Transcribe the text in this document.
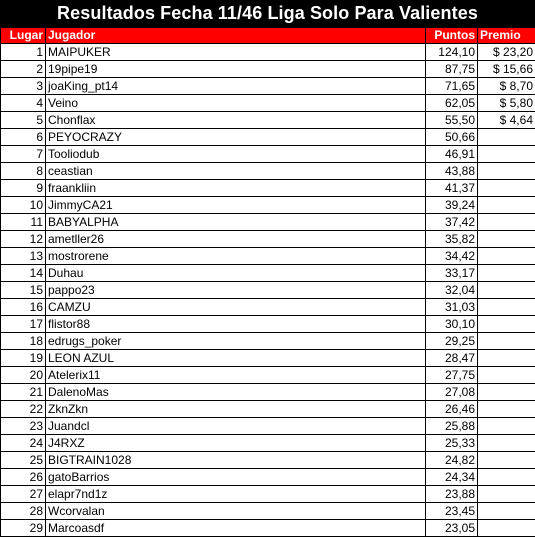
Resultados Fecha 11/46 Liga Solo Para Valientes
Lugar	Jugador	Puntos	Premio
1	MAIPUKER	124,10	$ 23,20
2	19pipe19	87,75	$ 15,66
3	joaKing_pt14	71,65	$ 8,70
4	Veino	62,05	$ 5,80
5	Chonflax	55,50	$ 4,64
6	PEYOCRAZY	50,66	
7	Tooliodub	46,91	
8	ceastian	43,88	
9	fraankliin	41,37	
10	JimmyCA21	39,24	
11	BABYALPHA	37,42	
12	ametller26	35,82	
13	mostrorene	34,42	
14	Duhau	33,17	
15	pappo23	32,04	
16	CAMZU	31,03	
17	flistor88	30,10	
18	edrugs_poker	29,25	
19	LEON AZUL	28,47	
20	Atelerix11	27,75	
21	DalenoMas	27,08	
22	ZknZkn	26,46	
23	Juandcl	25,88	
24	J4RXZ	25,33	
25	BIGTRAIN1028	24,82	
26	gatoBarrios	24,34	
27	elapr7nd1z	23,88	
28	Wcorvalan	23,45	
29	Marcoasdf	23,05	
